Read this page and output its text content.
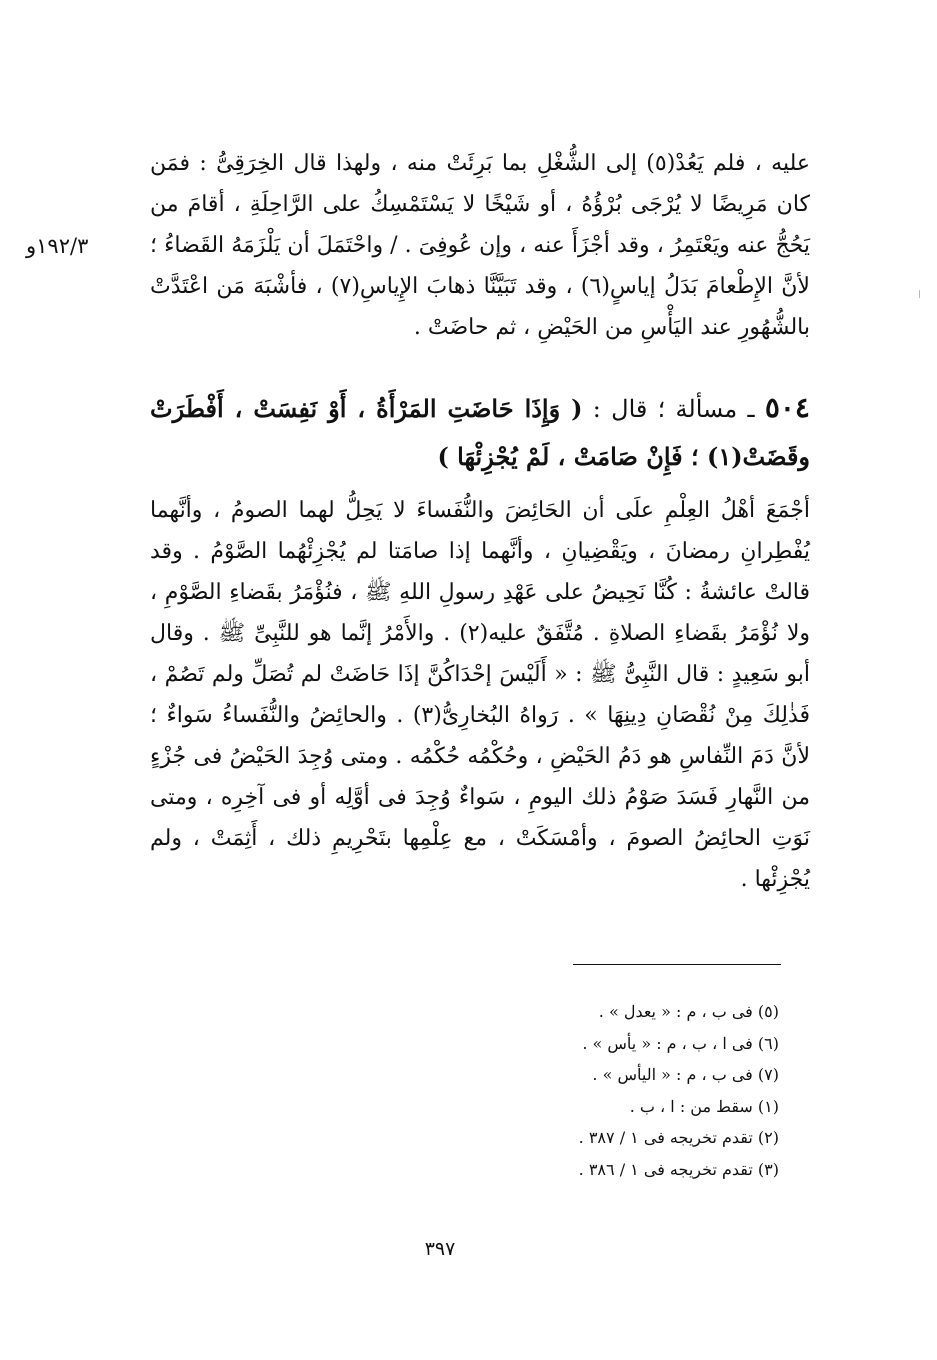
عليه ، فلم يَعُدْ(٥) إلى الشُّغْلِ بما بَرِئَتْ منه ، ولهذا قال الخِرَقِىُّ : فمَن كان مَرِيضًا لا يُرْجَى بُرْؤُهُ ، أو شَيْخًا لا يَسْتَمْسِكُ على الرَّاحِلَةِ ، أقامَ من يَحُجُّ عنه ويَعْتَمِرُ ، وقد أجْزَأَ عنه ، وإن عُوفِىَ . / واحْتَمَلَ أن يَلْزَمَهُ القَضاءُ ؛ لأنَّ الإِطْعامَ بَدَلُ إياسٍ(٦) ، وقد تَبَيَّنَّا ذهابَ الإِياسِ(٧) ، فأشْبَهَ مَن اعْتَدَّتْ بالشُّهُورِ عند اليَأْسِ من الحَيْضِ ، ثم حاضَتْ .

١٩٢/٣و

٥٠٤ ـ مسألة ؛ قال : ( وَإِذَا حَاضَتِ المَرْأَةُ ، أَوْ نَفِسَتْ ، أَفْطَرَتْ وقَضَتْ(١) ؛ فَإِنْ صَامَتْ ، لَمْ يُجْزِئْهَا )

أجْمَعَ أهْلُ العِلْمِ علَى أن الحَائِضَ والنُّفَساءَ لا يَحِلُّ لهما الصومُ ، وأنَّهما يُفْطِرانِ رمضانَ ، ويَقْضِيانِ ، وأنَّهما إذا صامَتا لم يُجْزِئْهُما الصَّوْمُ . وقد قالتْ عائشةُ : كُنَّا نَحِيضُ على عَهْدِ رسولِ اللهِ ﷺ ، فنُؤْمَرُ بقَضاءِ الصَّوْمِ ، ولا نُؤْمَرُ بقَضاءِ الصلاةِ . مُتَّفَقٌ عليه(٢) . والأَمْرُ إنَّما هو للنَّبِىِّ ﷺ . وقال أبو سَعِيدٍ : قال النَّبِىُّ ﷺ : « أَلَيْسَ إحْدَاكُنَّ إذَا حَاضَتْ لم تُصَلِّ ولم تَصُمْ ، فَذٰلِكَ مِنْ نُقْصَانِ دِينِهَا » . رَواهُ البُخارِىُّ(٣) . والحائِضُ والنُّفَساءُ سَواءٌ ؛ لأنَّ دَمَ النِّفاسِ هو دَمُ الحَيْضِ ، وحُكْمُه حُكْمُه . ومتى وُجِدَ الحَيْضُ فى جُزْءٍ من النَّهارِ فَسَدَ صَوْمُ ذلك اليومِ ، سَواءٌ وُجِدَ فى أوَّلِه أو فى آخِرِه ، ومتى نَوَتِ الحائِضُ الصومَ ، وأمْسَكَتْ ، مع عِلْمِها بتَحْرِيمِ ذلك ، أَثِمَتْ ، ولم يُجْزِئْها .

(٥) فى ب ، م : « يعدل » .
(٦) فى ا ، ب ، م : « يأس » .
(٧) فى ب ، م : « اليأس » .
(١) سقط من : ا ، ب .
(٢) تقدم تخريجه فى ١ / ٣٨٧ .
(٣) تقدم تخريجه فى ١ / ٣٨٦ .
٣٩٧
